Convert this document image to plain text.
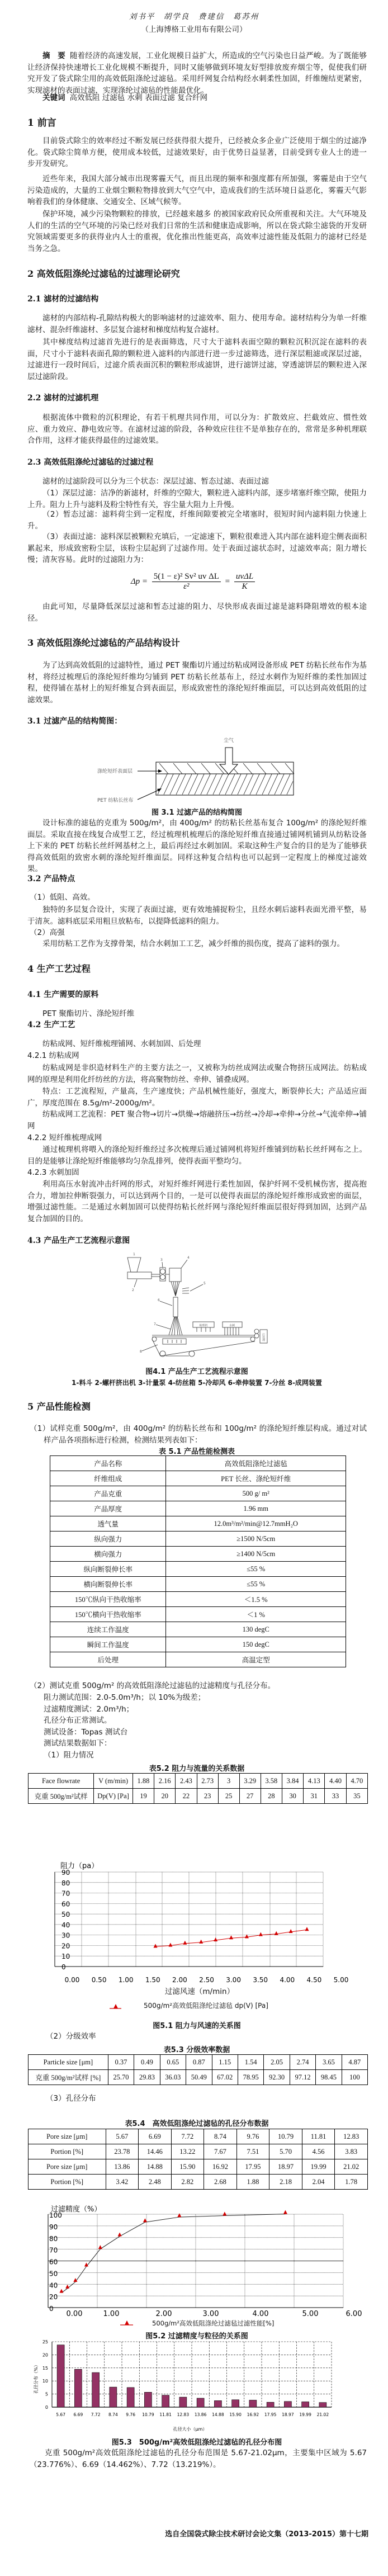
刘书平　胡学良　费建信　葛苏州
（上海博格工业用布有限公司）
摘　要 随着经济的高速发展，工业化规模日益扩大，所造成的空气污染也日益严峻。为了既能够让经济保持快速增长工业化规模不断提升，同时又能够做到环境友好型排放废弃烟尘等，促使我们研究开发了袋式除尘用的高效低阻涤纶过滤毡。采用纤网复合结构经水刺柔性加固，纤维缠结更紧密，实现滤材的表面过滤，实现涤纶过滤毡的性能最优化。
关键词 高效低阻 过滤毡 水刺 表面过滤 复合纤网
1 前言
目前袋式除尘的效率经过不断发展已经获得很大提升，已经被众多企业广泛使用于烟尘的过滤净化。袋式除尘简单方便，使用成本较低，过滤效果好，由于优势日益显著，目前受到专业人士的进一步开发研究。
近些年来，我国大部分城市出现雾霾天气，而且出现的频率和强度都有所加强，雾霾是由于空气污染造成的，大量的工业烟尘颗粒物排放到大气空气中，造成我们的生活环境日益恶化，雾霾天气影响着我们的身体健康、交通安全、区域气候等。
保护环境，减少污染物颗粒的排放，已经越来越多 的被国家政府民众所重视和关注。大气环境及人们的生活的空气环境的污染已经对我们日常的生活和健康造成影响，所以在袋式除尘滤袋的开发研究领域需要更多的获得业内人士的重视，优化推出性能更高，高效率过滤性能及低阻力的滤材已经是当务之急。
2 高效低阻涤纶过滤毡的过滤理论研究
2.1 滤材的过滤结构
滤材的内部结构-孔隙结构极大的影响滤材的过滤效率、阻力、使用寿命。滤材结构分为单一纤维滤材、混杂纤维滤材、多层复合滤材和梯度结构复合滤材。
其中梯度结构过滤首先进行的是表面筛选，尺寸大于滤料表面空隙的颗粒沉积沉淀在滤料的表面，尺寸小于滤料表面孔隙的颗粒进入滤料的内部进行进一步过滤筛选，进行深层粗滤或深层过滤，过滤进行一段时间后，过滤介质表面沉积的颗粒形成滤饼，进行滤饼过滤，穿透滤饼层的颗粒进入深层过滤阶段。
2.2 滤材的过滤机理
根据流体中微粒的沉积理论，有若干机理共同作用，可以分为：扩散效应、拦截效应、惯性效应、重力效应、静电效应等。在滤材过滤的阶段，各种效应往往不是单独存在的，常常是多种机理联合作用，这样才能获得最佳的过滤效果。
2.3 高效低阻涤纶过滤毡的过滤过程
滤材的过滤阶段可以分为三个状态：深层过滤、暂态过滤、表面过滤
（1）深层过滤：洁净的新滤材，纤维的空隙大，颗粒进入滤料内部，逐步堵塞纤维空隙，使阻力上升。阻力上升与滤料及粉尘特性有关，容尘量大阻力上升慢。
（2）暂态过滤：滤料荷尘到一定程度，纤维间隙要被完全堵塞时，很短时间内滤料阻力快速上升。
（3）表面过滤：滤料深层被颗粒充填后，一定滤速下，颗粒很难进入其内部在滤料迎尘侧表面积累起来，形成致密粉尘层，该粉尘层起到了过滤作用。处于表面过滤状态时，过滤效率高；阻力增长慢；清灰容易。此时的过滤阻力为：
$\Delta p = \frac{\text{5(1 − ε)² Sv² uv ΔL}}{\text{ε²}} = \frac{\text{uvΔL}}{K}$
由此可知，尽量降低深层过滤和暂态过滤的阻力、尽快形成表面过滤是滤料降阻增效的根本途径。
3 高效低阻涤纶过滤毡的产品结构设计
为了达到高效低阻的过滤特性，通过 PET 聚酯切片通过纺粘成网设备形成 PET 纺粘长丝布作为基材，将经过梳理后的涤纶短纤维均匀铺到 PET 纺粘长丝基布上，经过水刺作为短纤维的柔性加固过程，使得铺在基材上的短纤维复合到表面层，形成致密性的涤纶短纤维面层，可以达到高效低阻的过滤效果。
3.1 过滤产品的结构简图：
尘气
涤纶短纤表面层
PET 纺粘长丝布
图 3.1 过滤产品的结构简图
设计标准的滤毡的克重为 500g/m²，由 400g/m² 的纺粘长丝基布复合 100g/m² 的涤纶短纤维面层。采取直接在线复合成型工艺，经过梳理机梳理后的涤纶短纤维直接通过铺网机铺到从纺粘设备上下来的 PET 纺粘长丝纤网基材之上，最后再经过水刺加固。采取这种生产复合的目的是为了能够获得高效低阻的致密水刺的涤纶短纤维面层。同样这种复合结构也可以起到一定程度上的梯度过滤效果。
3.2 产品特点
（1）低阻、高效。
独特的多层复合设计，实现了表面过滤，更有效地捕捉粉尘，且经水刺后滤料表面光滑平整，易于清灰。滤料底层采用粗旦放粘布，以提降低滤料的阻力。
（2）高强
采用纺粘工艺作为支撑骨架，结合水刺加工工艺，减少纤维的损伤度，提高了滤料的强力。
4 生产工艺过程
4.1 生产需要的原料
PET 聚酯切片、涤纶短纤维
4.2 生产工艺
纺粘成网、短纤维梳理铺网、水刺加固、后处理
4.2.1 纺粘成网
纺粘成网是非织造材料生产的主要方法之一，又被称为纺丝成网法或聚合物挤压成网法。纺粘成网的原理是利用化纤纺丝的方法，将高聚物纺丝、牵伸、铺叠成网。
特点：工艺流程短，产量高，生产速度快；产品机械性能好，强度大，断裂伸长大；产品适应面广，厚度范围在 8.5g/m²-2000g/m²。
纺粘成网工艺流程：PET 聚合物→切片→烘燥→熔融挤压→纺丝→冷却→牵伸→分丝→气流牵伸→铺网
4.2.2 短纤维梳理成网
通过梳理机将喂入的涤纶短纤维经过多次梳理后通过铺网机将短纤维铺到纺粘长丝纤网布之上。目的是能够让涤纶短纤维能够均匀杂乱排列，使得表面平整均匀。
4.2.3 水刺加固
利用高压水射流冲击纤网的形式，对短纤维纤网进行柔性加固，保护纤网不受机械伤害，提高抱合力，增加拉伸断裂强力，可以达到两个目的，一是可以使得表面层的涤纶短纤维形成致密的面层，增强过滤性能。二是通过水刺加固可以使得纺粘长丝纤网与涤纶短纤维面层很好得到加固，达到产品复合加固的目的。
4.3 产品生产工艺流程示意图
1
2
3
4
5
6
7
8
梳理机	水刺
后处理
图4.1 产品生产工艺流程示意图
1-料斗 2-螺杆挤出机 3-计量泵 4-纺丝箱 5-冷却风 6-牵伸装置 7-分丝 8-成网装置
5 产品性能检测
（1）试样克重 500g/m²，由 400g/m² 的纺粘长丝布和 100g/m² 的涤纶短纤维层构成。通过对试样产品各项指标进行检测，检测结果列表如下：
表 5.1 产品性能检测表
产品名称	高效低阻涤纶过滤毡
纤维组成	PET 长丝、涤纶短纤维
产品克重	500 g/ m²
产品厚度	1.96 mm
透气量	12.0m³/m²/min@12.7mmH₂O
纵向强力	≥1500 N/5cm
横向强力	≥1400 N/5cm
纵向断裂伸长率	≤55 %
横向断裂伸长率	≤55 %
150℃纵向干热收缩率	＜1.5 %
150℃横向干热收缩率	＜1 %
连续工作温度	130 degC
瞬间工作温度	150 degC
后处理	高温定型
（2）测试克重 500g/m² 的高效低阻涤纶过滤毡的过滤精度与孔径分布。
阻力测试范围：2.0-5.0m³/h；以 10%为级差；
过滤精度测试：2.0m³/h；
孔径分布正常测试。
测试设备：Topas 测试台
测试结果数据如下：
（1）阻力情况
表5.2 阻力与流量的关系数据
Face flowrate	V (m/min)	1.88	2.16	2.43	2.73	3	3.29	3.58	3.84	4.13	4.40	4.70
克重 500g/m²试样	Dp(V) [Pa]	19	20	22	23	25	27	28	30	31	33	35
0
10
20
30
40
50
60
70
80
90
0.00 0.50 1.00 1.50 2.00 2.50 3.00 3.50 4.00 4.50 5.00
阻力（pa）
过滤风速（m/min）
500g/m²高效低阻涤纶过滤毡 dp(V) [Pa]
图5.1 阻力与风速的关系图
（2）分级效率
表5.3 分级效率数据
Particle size [μm]	0.37	0.49	0.65	0.87	1.15	1.54	2.05	2.74	3.65	4.87
克重 500g/m²试样 [%]	25.70	29.83	36.03	50.49	67.02	78.95	92.30	97.12	98.45	100
（3）孔径分布
表5.4　高效低阻涤纶过滤毡的孔径分布数据
Pore size [μm]	5.67	6.69	7.72	8.74	9.76	10.79	11.81	12.83
Portion [%]	23.78	14.46	13.22	7.67	7.51	5.70	4.56	3.83
Pore size [μm]	13.86	14.88	15.90	16.92	17.95	18.97	19.99	21.02
Portion [%]	3.42	2.48	2.82	2.68	1.88	2.18	2.04	1.78
100
90
80
70
60
50
40
20
0
0.00	1.00	2.00	3.00	4.00	5.00	6.00
过滤精度（%）
500g/m²高效低阻涤纶过滤毡过滤性能[%]
图5.2 过滤精度与粒径的关系图
0
5
10
15
20
25
5.67 6.69 7.72 8.74 9.76 10.79 11.81 12.83 13.86 14.88 15.90 16.92 17.95 18.97 19.99 21.02
孔径分布（%）
孔径大小（μm）
图5.3　500g/m²高效低阻涤纶过滤毡的孔径分布图
克重 500g/m²高效低阻涤纶过滤毡的孔径分布范围是 5.67-21.02μm，主要集中区域为 5.67（23.776%）、6.69（14.462%）、7.72（13.219%）。
选自全国袋式除尘技术研讨会论文集（2013-2015）第十七期
